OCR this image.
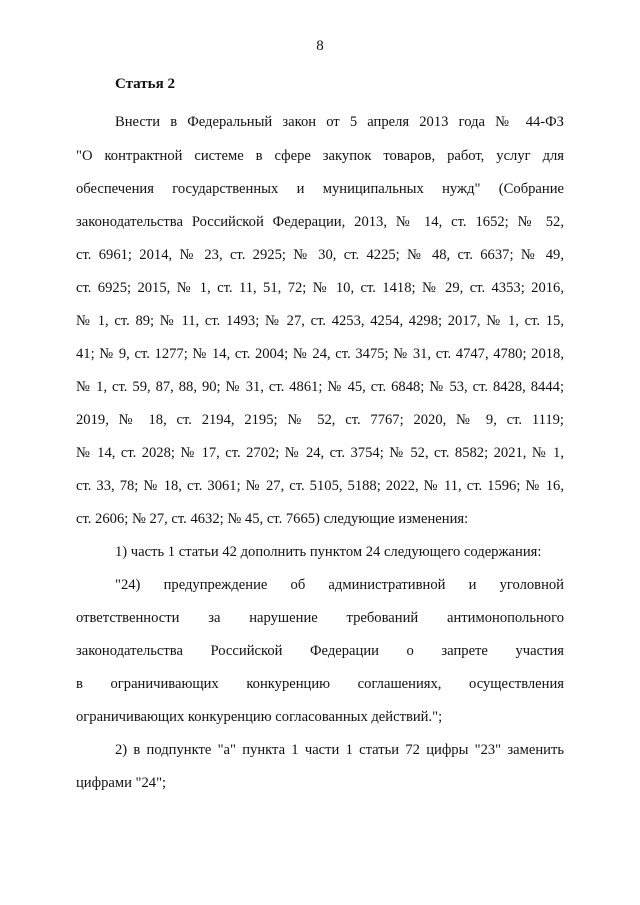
8
Статья 2
Внести в Федеральный закон от 5 апреля 2013 года № 44-ФЗ
"О контрактной системе в сфере закупок товаров, работ, услуг для
обеспечения государственных и муниципальных нужд" (Собрание
законодательства Российской Федерации, 2013, № 14, ст. 1652; № 52,
ст. 6961; 2014, № 23, ст. 2925; № 30, ст. 4225; № 48, ст. 6637; № 49,
ст. 6925; 2015, № 1, ст. 11, 51, 72; № 10, ст. 1418; № 29, ст. 4353; 2016,
№ 1, ст. 89; № 11, ст. 1493; № 27, ст. 4253, 4254, 4298; 2017, № 1, ст. 15,
41; № 9, ст. 1277; № 14, ст. 2004; № 24, ст. 3475; № 31, ст. 4747, 4780; 2018,
№ 1, ст. 59, 87, 88, 90; № 31, ст. 4861; № 45, ст. 6848; № 53, ст. 8428, 8444;
2019, № 18, ст. 2194, 2195; № 52, ст. 7767; 2020, № 9, ст. 1119;
№ 14, ст. 2028; № 17, ст. 2702; № 24, ст. 3754; № 52, ст. 8582; 2021, № 1,
ст. 33, 78; № 18, ст. 3061; № 27, ст. 5105, 5188; 2022, № 11, ст. 1596; № 16,
ст. 2606; № 27, ст. 4632; № 45, ст. 7665) следующие изменения:
1) часть 1 статьи 42 дополнить пунктом 24 следующего содержания:
"24) предупреждение об административной и уголовной
ответственности за нарушение требований антимонопольного
законодательства Российской Федерации о запрете участия
в ограничивающих конкуренцию соглашениях, осуществления
ограничивающих конкуренцию согласованных действий.";
2) в подпункте "а" пункта 1 части 1 статьи 72 цифры "23" заменить
цифрами "24";
